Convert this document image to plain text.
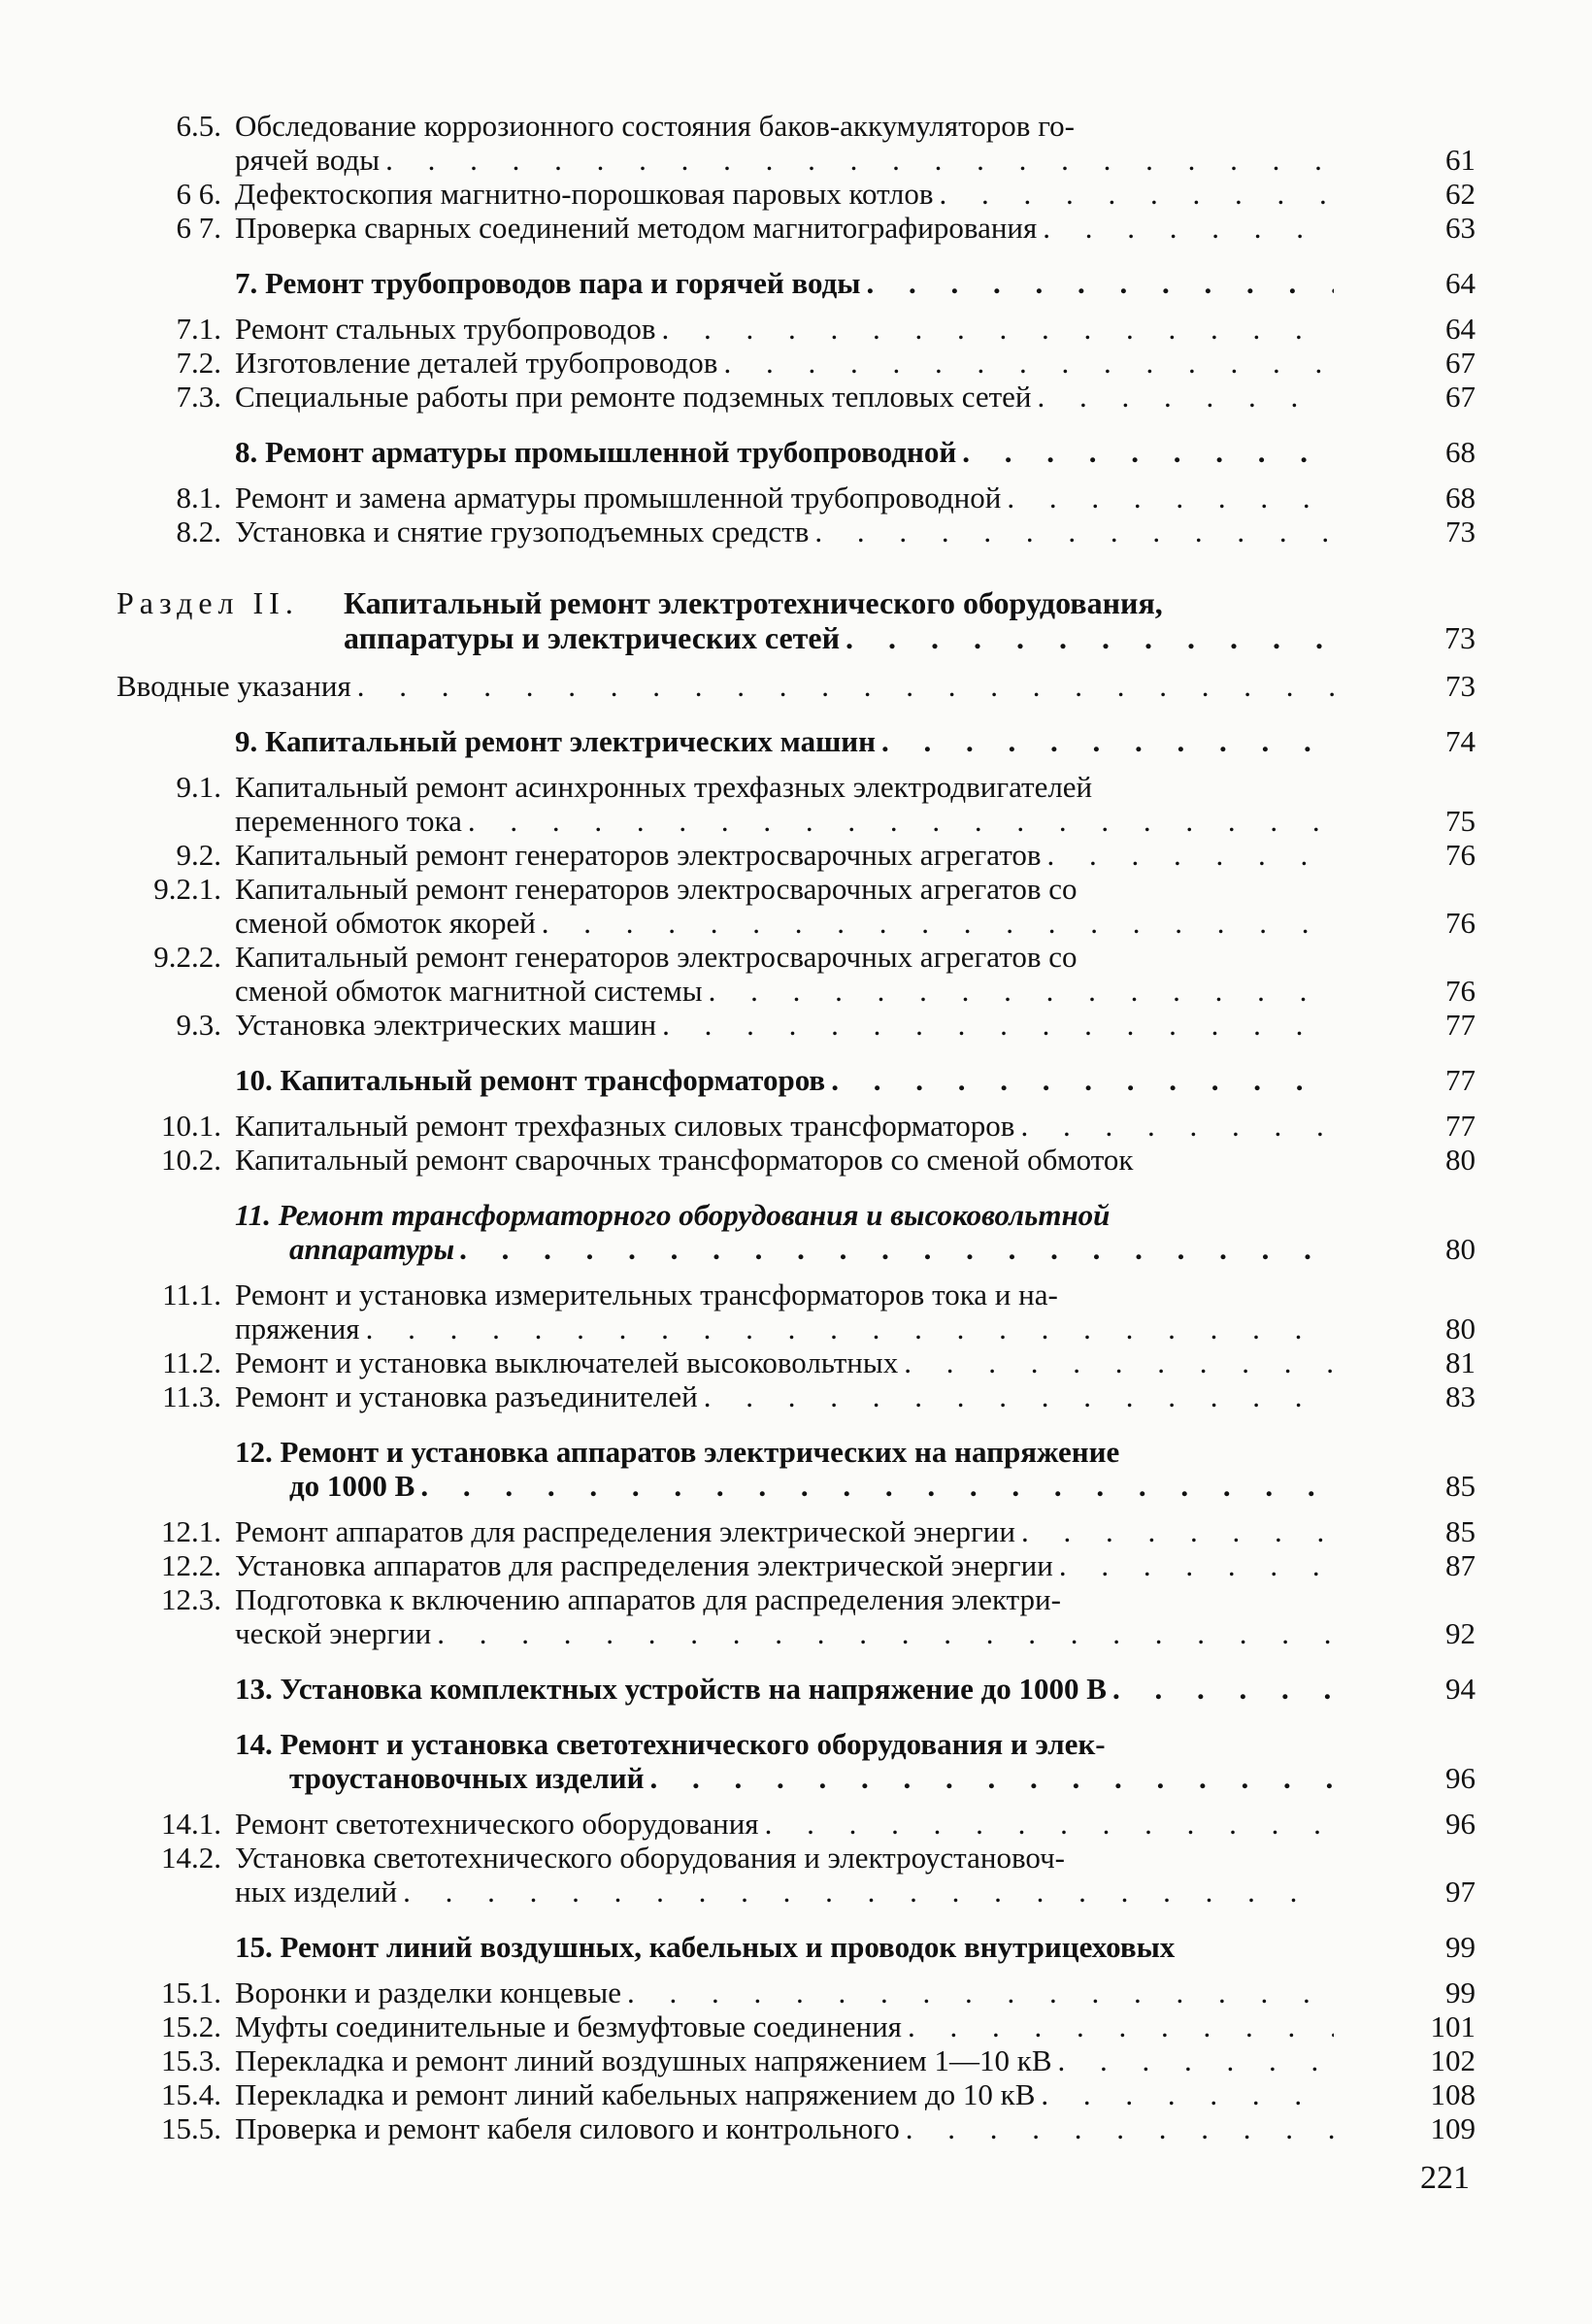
6.5. Обследование коррозионного состояния баков-аккумуляторов го-
рячей воды . . .	61
6 6. Дефектоскопия магнитно-порошковая паровых котлов . . .	62
6 7. Проверка сварных соединений методом магнитографирования . . .	63
7. Ремонт трубопроводов пара и горячей воды . . .	64
7.1. Ремонт стальных трубопроводов . . .	64
7.2. Изготовление деталей трубопроводов . . .	67
7.3. Специальные работы при ремонте подземных тепловых сетей . . .	67
8. Ремонт арматуры промышленной трубопроводной . . .	68
8.1. Ремонт и замена арматуры промышленной трубопроводной . . .	68
8.2. Установка и снятие грузоподъемных средств . . .	73
Раздел II. Капитальный ремонт электротехнического оборудования,
аппаратуры и электрических сетей . . .	73
Вводные указания . . .	73
9. Капитальный ремонт электрических машин . . .	74
9.1. Капитальный ремонт асинхронных трехфазных электродвигателей
переменного тока . . .	75
9.2. Капитальный ремонт генераторов электросварочных агрегатов . . .	76
9.2.1. Капитальный ремонт генераторов электросварочных агрегатов со
сменой обмоток якорей . . .	76
9.2.2. Капитальный ремонт генераторов электросварочных агрегатов со
сменой обмоток магнитной системы . . .	76
9.3. Установка электрических машин . . .	77
10. Капитальный ремонт трансформаторов . . .	77
10.1. Капитальный ремонт трехфазных силовых трансформаторов . . .	77
10.2. Капитальный ремонт сварочных трансформаторов со сменой обмоток	80
11. Ремонт трансформаторного оборудования и высоковольтной
аппаратуры . . .	80
11.1. Ремонт и установка измерительных трансформаторов тока и на-
пряжения . . .	80
11.2. Ремонт и установка выключателей высоковольтных . . .	81
11.3. Ремонт и установка разъединителей . . .	83
12. Ремонт и установка аппаратов электрических на напряжение
до 1000 В . . .	85
12.1. Ремонт аппаратов для распределения электрической энергии . . .	85
12.2. Установка аппаратов для распределения электрической энергии . . .	87
12.3. Подготовка к включению аппаратов для распределения электри-
ческой энергии . . .	92
13. Установка комплектных устройств на напряжение до 1000 В . . .	94
14. Ремонт и установка светотехнического оборудования и элек-
троустановочных изделий . . .	96
14.1. Ремонт светотехнического оборудования . . .	96
14.2. Установка светотехнического оборудования и электроустановоч-
ных изделий . . .	97
15. Ремонт линий воздушных, кабельных и проводок внутрицеховых	99
15.1. Воронки и разделки концевые . . .	99
15.2. Муфты соединительные и безмуфтовые соединения . . .	101
15.3. Перекладка и ремонт линий воздушных напряжением 1—10 кВ . . .	102
15.4. Перекладка и ремонт линий кабельных напряжением до 10 кВ . . .	108
15.5. Проверка и ремонт кабеля силового и контрольного . . .	109
221
